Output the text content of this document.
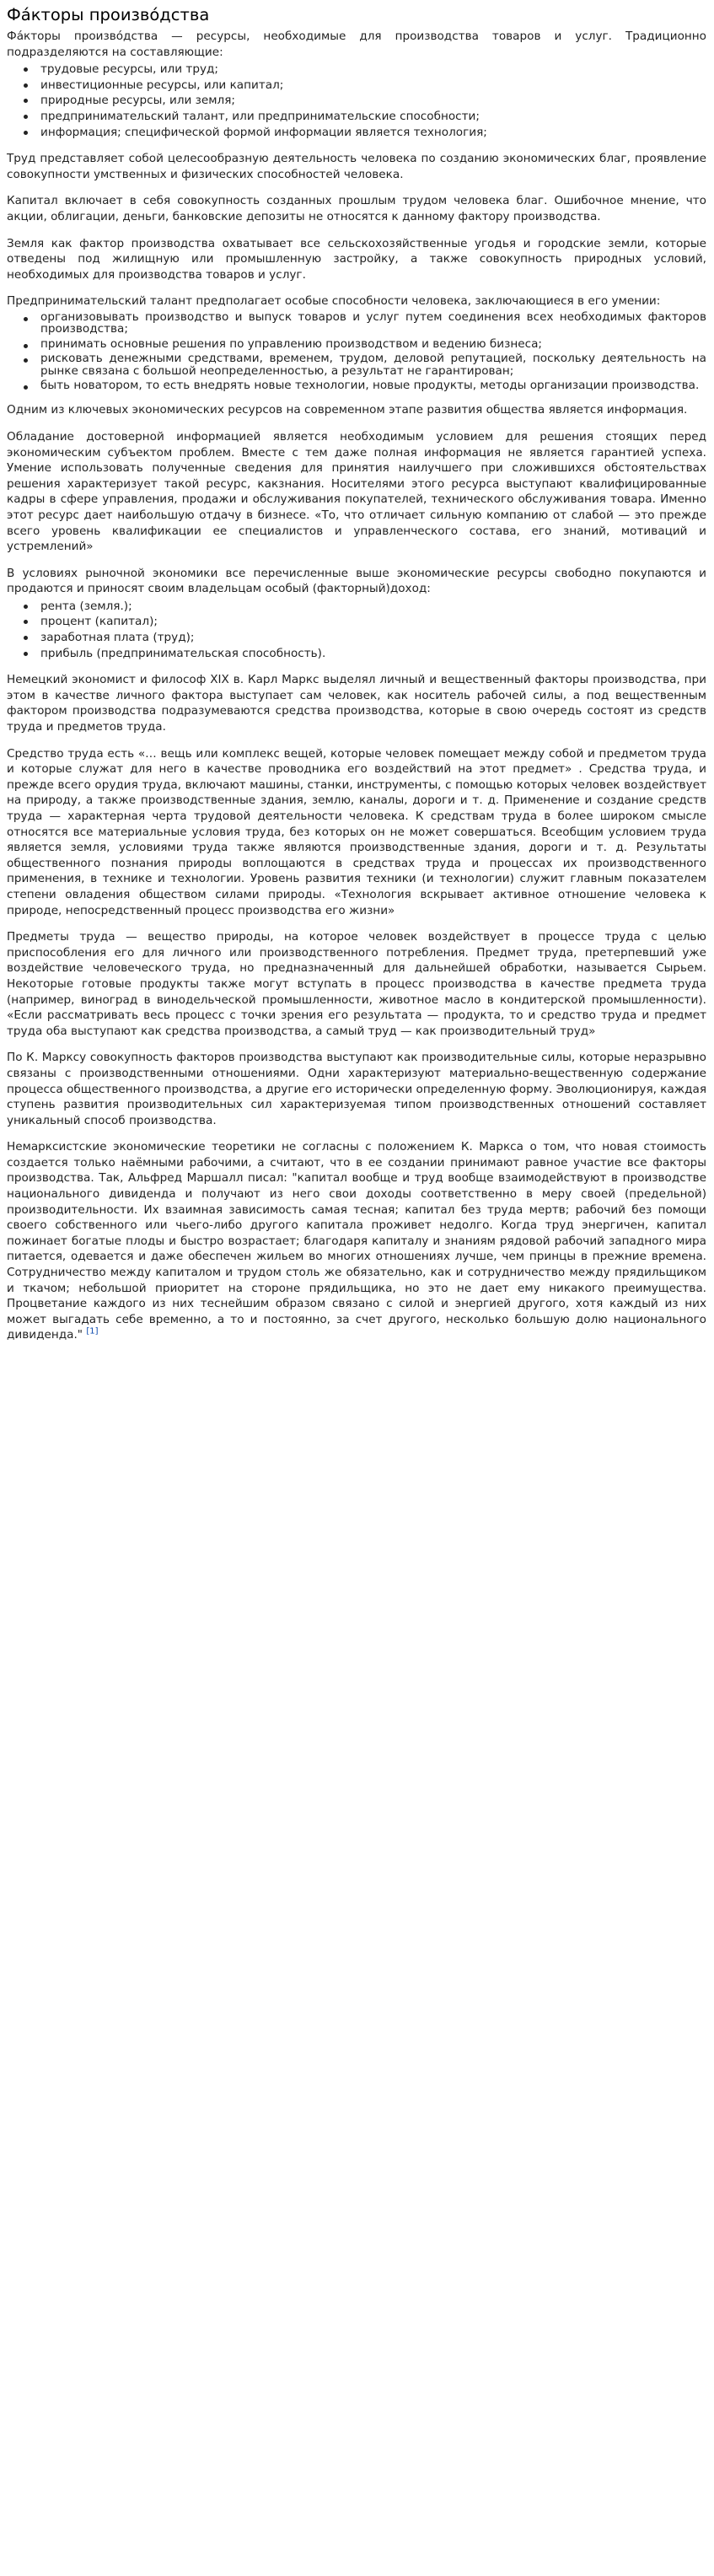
Фа́кторы произво́дства

Фа́кторы произво́дства — ресурсы, необходимые для производства товаров и услуг. Традиционно подразделяются на составляющие:

трудовые ресурсы, или труд;
инвестиционные ресурсы, или капитал;
природные ресурсы, или земля;
предпринимательский талант, или предпринимательские способности;
информация; специфической формой информации является технология;

Труд представляет собой целесообразную деятельность человека по созданию экономических благ, проявление совокупности умственных и физических способностей человека.

Капитал включает в себя совокупность созданных прошлым трудом человека благ. Ошибочное мнение, что акции, облигации, деньги, банковские депозиты не относятся к данному фактору производства.

Земля как фактор производства охватывает все сельскохозяйственные угодья и городские земли, которые отведены под жилищную или промышленную застройку, а также совокупность природных условий, необходимых для производства товаров и услуг.

Предпринимательский талант предполагает особые способности человека, заключающиеся в его умении:

организовывать производство и выпуск товаров и услуг путем соединения всех необходимых факторов производства;
принимать основные решения по управлению производством и ведению бизнеса;
рисковать денежными средствами, временем, трудом, деловой репутацией, поскольку деятельность на рынке связана с большой неопределенностью, а результат не гарантирован;
быть новатором, то есть внедрять новые технологии, новые продукты, методы организации производства.

Одним из ключевых экономических ресурсов на современном этапе развития общества является информация.

Обладание достоверной информацией является необходимым условием для решения стоящих перед экономическим субъектом проблем. Вместе с тем даже полная информация не является гарантией успеха. Умение использовать полученные сведения для принятия наилучшего при сложившихся обстоятельствах решения характеризует такой ресурс, какзнания. Носителями этого ресурса выступают квалифицированные кадры в сфере управления, продажи и обслуживания покупателей, технического обслуживания товара. Именно этот ресурс дает наибольшую отдачу в бизнесе. «То, что отличает сильную компанию от слабой — это прежде всего уровень квалификации ее специалистов и управленческого состава, его знаний, мотиваций и устремлений»

В условиях рыночной экономики все перечисленные выше экономические ресурсы свободно покупаются и продаются и приносят своим владельцам особый (факторный)доход:

рента (земля.);
процент (капитал);
заработная плата (труд);
прибыль (предпринимательская способность).

Немецкий экономист и философ XIX в. Карл Маркс выделял личный и вещественный факторы производства, при этом в качестве личного фактора выступает сам человек, как носитель рабочей силы, а под вещественным фактором производства подразумеваются средства производства, которые в свою очередь состоят из средств труда и предметов труда.

Средство труда есть «… вещь или комплекс вещей, которые человек помещает между собой и предметом труда и которые служат для него в качестве проводника его воздействий на этот предмет» . Средства труда, и прежде всего орудия труда, включают машины, станки, инструменты, с помощью которых человек воздействует на природу, а также производственные здания, землю, каналы, дороги и т. д. Применение и создание средств труда — характерная черта трудовой деятельности человека. К средствам труда в более широком смысле относятся все материальные условия труда, без которых он не может совершаться. Всеобщим условием труда является земля, условиями труда также являются производственные здания, дороги и т. д. Результаты общественного познания природы воплощаются в средствах труда и процессах их производственного применения, в технике и технологии. Уровень развития техники (и технологии) служит главным показателем степени овладения обществом силами природы. «Технология вскрывает активное отношение человека к природе, непосредственный процесс производства его жизни»

Предметы труда — вещество природы, на которое человек воздействует в процессе труда с целью приспособления его для личного или производственного потребления. Предмет труда, претерпевший уже воздействие человеческого труда, но предназначенный для дальнейшей обработки, называется Сырьем. Некоторые готовые продукты также могут вступать в процесс производства в качестве предмета труда (например, виноград в винодельческой промышленности, животное масло в кондитерской промышленности). «Если рассматривать весь процесс с точки зрения его результата — продукта, то и средство труда и предмет труда оба выступают как средства производства, а самый труд — как производительный труд»

По К. Марксу совокупность факторов производства выступают как производительные силы, которые неразрывно связаны с производственными отношениями. Одни характеризуют материально-вещественную содержание процесса общественного производства, а другие его исторически определенную форму. Эволюционируя, каждая ступень развития производительных сил характеризуемая типом производственных отношений составляет уникальный способ производства.

Немарксистские экономические теоретики не согласны с положением К. Маркса о том, что новая стоимость создается только наёмными рабочими, а считают, что в ее создании принимают равное участие все факторы производства. Так, Альфред Маршалл писал: "капитал вообще и труд вообще взаимодействуют в производстве национального дивиденда и получают из него свои доходы соответственно в меру своей (предельной) производительности. Их взаимная зависимость самая тесная; капитал без труда мертв; рабочий без помощи своего собственного или чьего-либо другого капитала проживет недолго. Когда труд энергичен, капитал пожинает богатые плоды и быстро возрастает; благодаря капиталу и знаниям рядовой рабочий западного мира питается, одевается и даже обеспечен жильем во многих отношениях лучше, чем принцы в прежние времена. Сотрудничество между капиталом и трудом столь же обязательно, как и сотрудничество между прядильщиком и ткачом; небольшой приоритет на стороне прядильщика, но это не дает ему никакого преимущества. Процветание каждого из них теснейшим образом связано с силой и энергией другого, хотя каждый из них может выгадать себе временно, а то и постоянно, за счет другого, несколько большую долю национального дивиденда." [1]
